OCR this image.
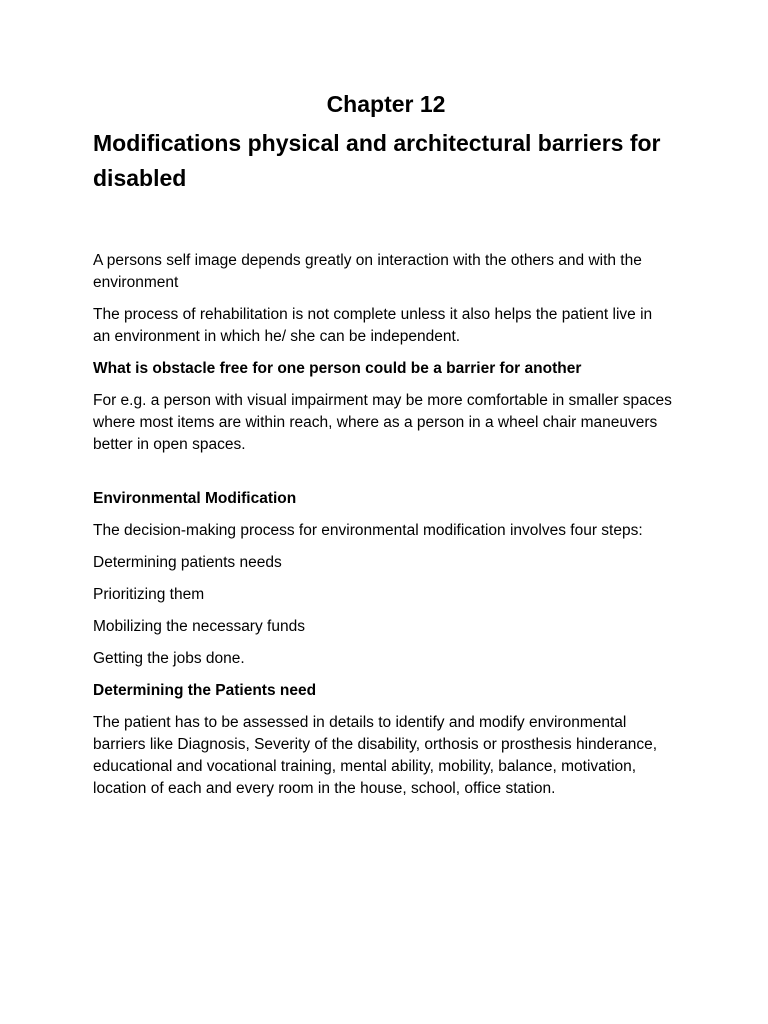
Chapter 12
Modifications physical and architectural barriers for disabled

A persons self image depends greatly on interaction with the others and with the environment

The process of rehabilitation is not complete unless it also helps the patient live in an environment in which he/ she can be independent.

What is obstacle free for one person could be a barrier for another

For e.g. a person with visual impairment may be more comfortable in smaller spaces where most items are within reach, where as a person in a wheel chair maneuvers better in open spaces.

Environmental Modification

The decision-making process for environmental modification involves four steps:

Determining patients needs

Prioritizing them

Mobilizing the necessary funds

Getting the jobs done.

Determining the Patients need

The patient has to be assessed in details to identify and modify environmental barriers like Diagnosis, Severity of the disability, orthosis or prosthesis hinderance, educational and vocational training, mental ability, mobility, balance, motivation, location of each and every room in the house, school, office station.
